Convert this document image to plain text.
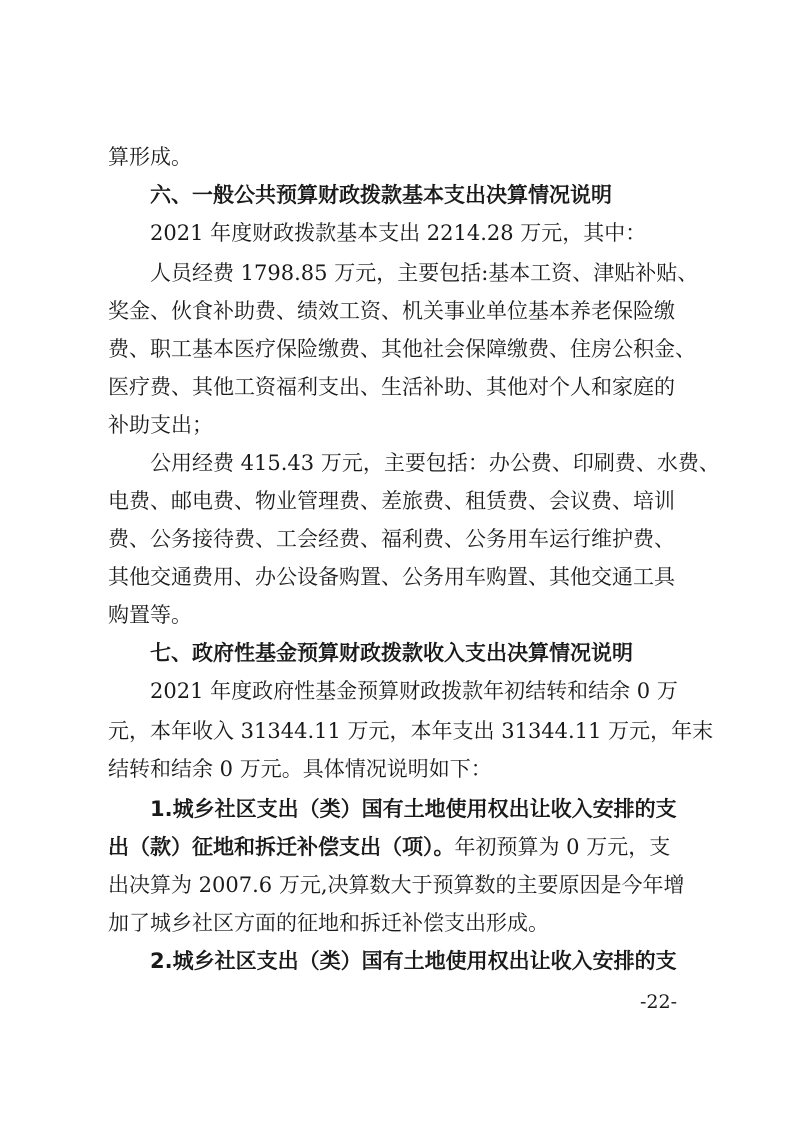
算形成。
六、一般公共预算财政拨款基本支出决算情况说明
2021 年度财政拨款基本支出 2214.28 万元，其中：
人员经费 1798.85 万元，主要包括:基本工资、津贴补贴、
奖金、伙食补助费、绩效工资、机关事业单位基本养老保险缴
费、职工基本医疗保险缴费、其他社会保障缴费、住房公积金、
医疗费、其他工资福利支出、生活补助、其他对个人和家庭的
补助支出；
公用经费 415.43 万元，主要包括：办公费、印刷费、水费、
电费、邮电费、物业管理费、差旅费、租赁费、会议费、培训
费、公务接待费、工会经费、福利费、公务用车运行维护费、
其他交通费用、办公设备购置、公务用车购置、其他交通工具
购置等。
七、政府性基金预算财政拨款收入支出决算情况说明
2021 年度政府性基金预算财政拨款年初结转和结余 0 万
元，本年收入 31344.11 万元，本年支出 31344.11 万元，年末
结转和结余 0 万元。具体情况说明如下：
1.城乡社区支出（类）国有土地使用权出让收入安排的支
出（款）征地和拆迁补偿支出（项）。年初预算为 0 万元，支
出决算为 2007.6 万元,决算数大于预算数的主要原因是今年增
加了城乡社区方面的征地和拆迁补偿支出形成。
2.城乡社区支出（类）国有土地使用权出让收入安排的支
-22-
